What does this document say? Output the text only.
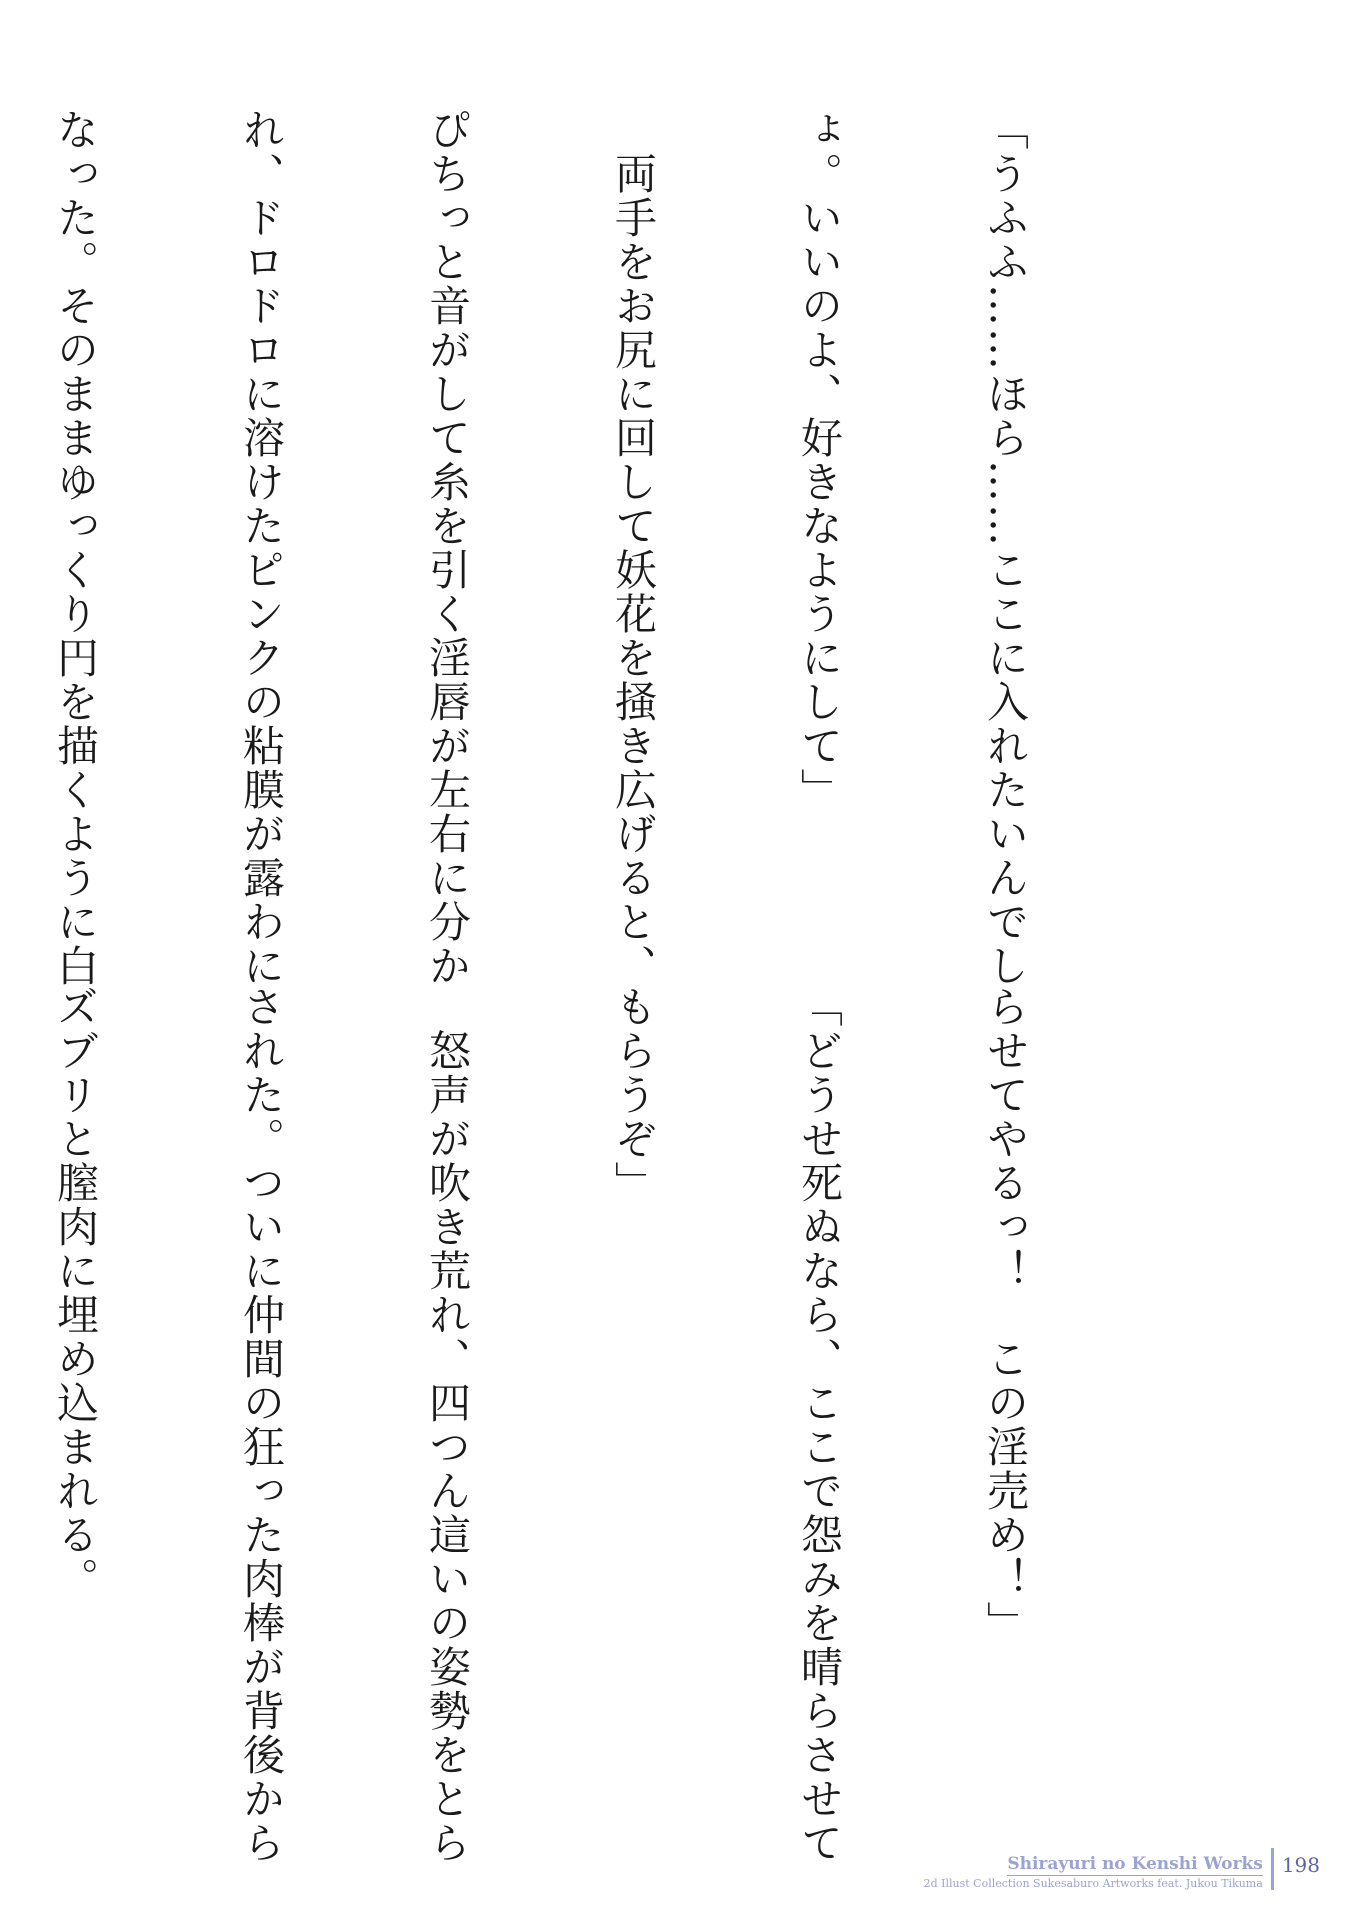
「うふふ……ほら……ここに入れたいんでし

ょ。いいのよ、好きなようにして」

　両手をお尻に回して妖花を掻き広げると、

ぴちっと音がして糸を引く淫唇が左右に分か

れ、ドロドロに溶けたピンクの粘膜が露わに

なった。そのままゆっくり円を描くように白

らせてやるっ！　この淫売め！」

「どうせ死ぬなら、ここで怨みを晴らさせて

もらうぞ」

　怒声が吹き荒れ、四つん這いの姿勢をとら

された。ついに仲間の狂った肉棒が背後から

ズブリと膣肉に埋め込まれる。

Shirayuri no Kenshi Works
2d Illust Collection Sukesaburo Artworks feat. Jukou Tikuma
198
